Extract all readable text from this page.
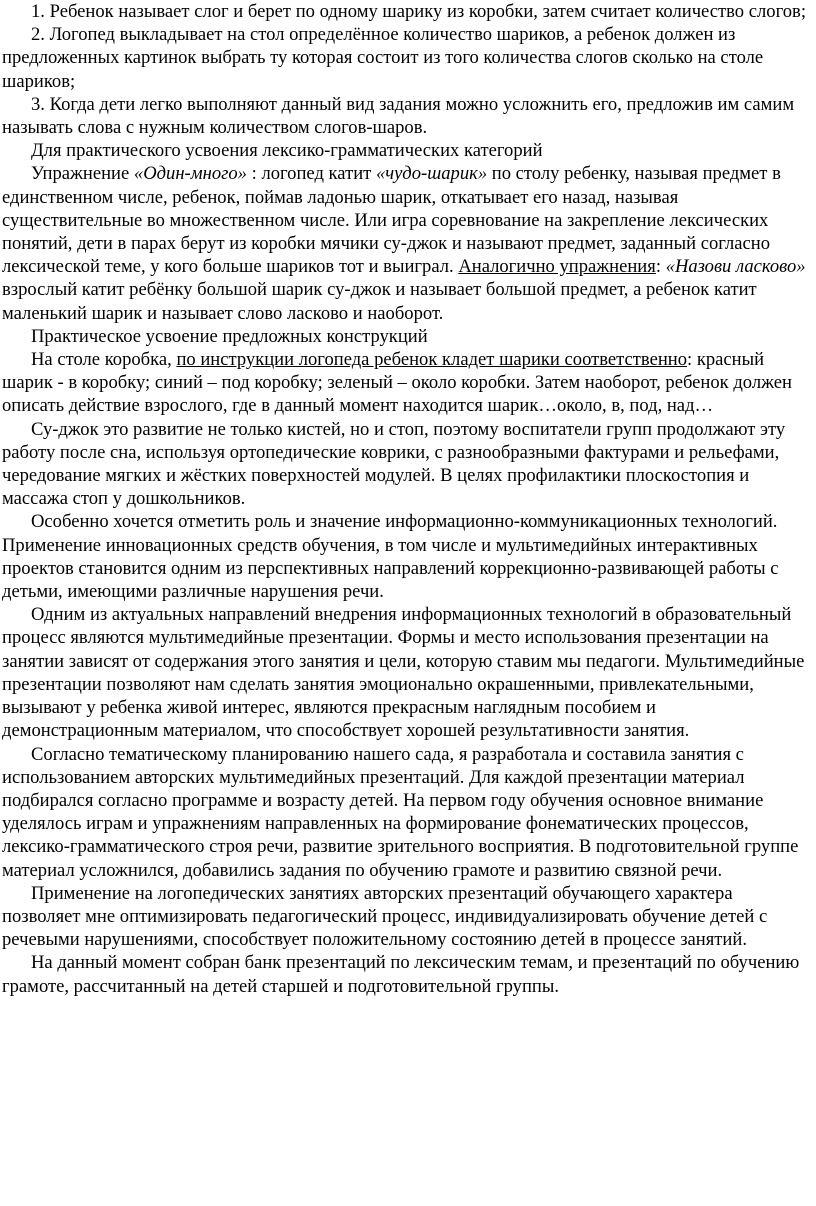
1. Ребенок называет слог и берет по одному шарику из коробки, затем считает количество слогов;

2. Логопед выкладывает на стол определённое количество шариков, а ребенок должен из предложенных картинок выбрать ту которая состоит из того количества слогов сколько на столе шариков;

3. Когда дети легко выполняют данный вид задания можно усложнить его, предложив им самим называть слова с нужным количеством слогов-шаров.

Для практического усвоения лексико-грамматических категорий

Упражнение «Один-много» : логопед катит «чудо-шарик» по столу ребенку, называя предмет в единственном числе, ребенок, поймав ладонью шарик, откатывает его назад, называя существительные во множественном числе. Или игра соревнование на закрепление лексических понятий, дети в парах берут из коробки мячики су-джок и называют предмет, заданный согласно лексической теме, у кого больше шариков тот и выиграл. Аналогично упражнения: «Назови ласково» взрослый катит ребёнку большой шарик су-джок и называет большой предмет, а ребенок катит маленький шарик и называет слово ласково и наоборот.

Практическое усвоение предложных конструкций

На столе коробка, по инструкции логопеда ребенок кладет шарики соответственно: красный шарик - в коробку; синий – под коробку; зеленый – около коробки. Затем наоборот, ребенок должен описать действие взрослого, где в данный момент находится шарик…около, в, под, над…

Су-джок это развитие не только кистей, но и стоп, поэтому воспитатели групп продолжают эту работу после сна, используя ортопедические коврики, с разнообразными фактурами и рельефами, чередование мягких и жёстких поверхностей модулей. В целях профилактики плоскостопия и массажа стоп у дошкольников.

Особенно хочется отметить роль и значение информационно-коммуникационных технологий. Применение инновационных средств обучения, в том числе и мультимедийных интерактивных проектов становится одним из перспективных направлений коррекционно-развивающей работы с детьми, имеющими различные нарушения речи.

Одним из актуальных направлений внедрения информационных технологий в образовательный процесс являются мультимедийные презентации. Формы и место использования презентации на занятии зависят от содержания этого занятия и цели, которую ставим мы педагоги. Мультимедийные презентации позволяют нам сделать занятия эмоционально окрашенными, привлекательными, вызывают у ребенка живой интерес, являются прекрасным наглядным пособием и демонстрационным материалом, что способствует хорошей результативности занятия.

Согласно тематическому планированию нашего сада, я разработала и составила занятия с использованием авторских мультимедийных презентаций. Для каждой презентации материал подбирался согласно программе и возрасту детей. На первом году обучения основное внимание уделялось играм и упражнениям направленных на формирование фонематических процессов, лексико-грамматического строя речи, развитие зрительного восприятия. В подготовительной группе материал усложнился, добавились задания по обучению грамоте и развитию связной речи.

Применение на логопедических занятиях авторских презентаций обучающего характера позволяет мне оптимизировать педагогический процесс, индивидуализировать обучение детей с речевыми нарушениями, способствует положительному состоянию детей в процессе занятий.

На данный момент собран банк презентаций по лексическим темам, и презентаций по обучению грамоте, рассчитанный на детей старшей и подготовительной группы.
